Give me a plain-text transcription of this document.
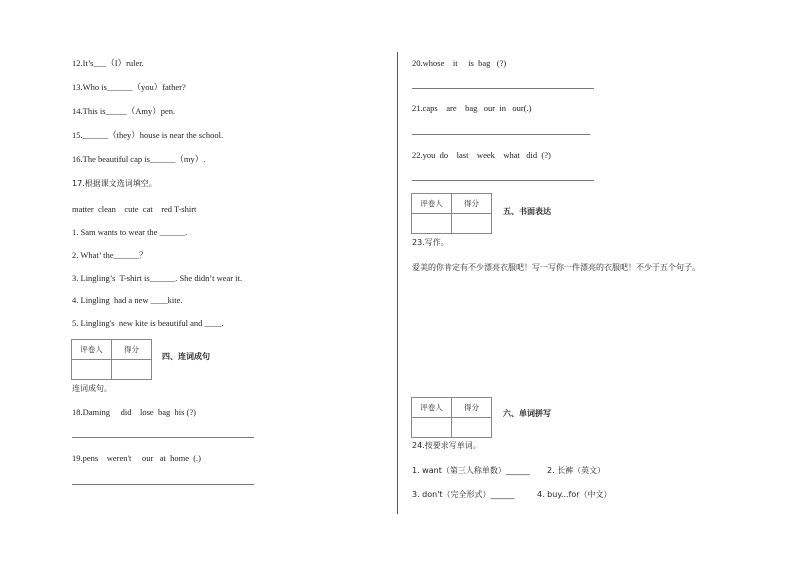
12.It’s___（I）ruler.
13.Who is______（you）father?
14.This is_____（Amy）pen.
15.______（they）house is near the school.
16.The beautiful cap is______（my）.
17.根据课文选词填空。
matter  clean    cute  cat    red T-shirt
1. Sam wants to wear the ______.
2. What’ the______？
3. Lingling’s  T-shirt is______. She didn’t wear it.
4. Lingling  had a new ____kite.
5. Lingling's  new kite is beautiful and ____.
评卷人	得分

四、连词成句
连词成句。
18.Daming     did    lose  bag  his (?)
19.pens    weren't     our   at  home  (.)
20.whose    it     is  bag   (?)
21.caps    are    bag   our  in   our(.)
22.you  do    last    week    what   did  (?)
评卷人	得分

五、书面表达
23.写作。
爱美的你肯定有不少漂亮衣服吧！写一写你一件漂亮的衣服吧！不少于五个句子。
评卷人	得分

六、单词拼写
24.按要求写单词。
1. want（第三人称单数）______ 2. 长裤（英文）
3. don't（完全形式）______	4. buy...for（中文）
